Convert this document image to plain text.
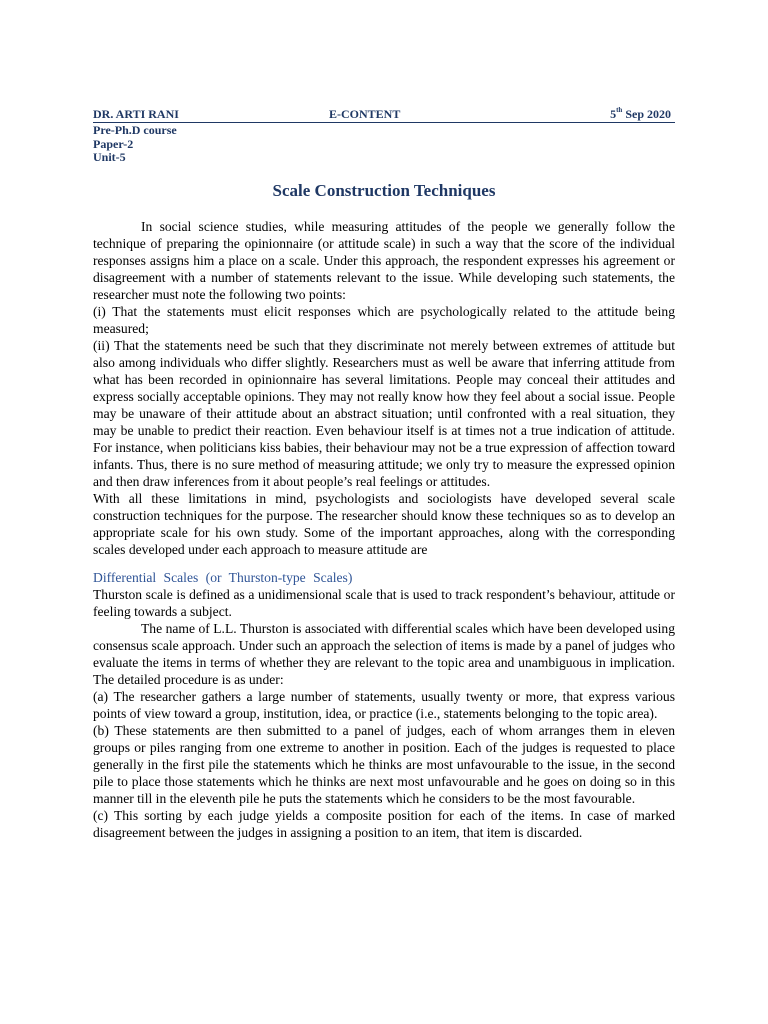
DR. ARTI RANI	E-CONTENT	5th Sep 2020
Pre-Ph.D course
Paper-2
Unit-5
Scale Construction Techniques

In social science studies, while measuring attitudes of the people we generally follow the technique of preparing the opinionnaire (or attitude scale) in such a way that the score of the individual responses assigns him a place on a scale. Under this approach, the respondent expresses his agreement or disagreement with a number of statements relevant to the issue. While developing such statements, the researcher must note the following two points:

(i) That the statements must elicit responses which are psychologically related to the attitude being measured;

(ii) That the statements need be such that they discriminate not merely between extremes of attitude but also among individuals who differ slightly. Researchers must as well be aware that inferring attitude from what has been recorded in opinionnaire has several limitations. People may conceal their attitudes and express socially acceptable opinions. They may not really know how they feel about a social issue. People may be unaware of their attitude about an abstract situation; until confronted with a real situation, they may be unable to predict their reaction. Even behaviour itself is at times not a true indication of attitude. For instance, when politicians kiss babies, their behaviour may not be a true expression of affection toward infants. Thus, there is no sure method of measuring attitude; we only try to measure the expressed opinion and then draw inferences from it about people’s real feelings or attitudes.

With all these limitations in mind, psychologists and sociologists have developed several scale construction techniques for the purpose. The researcher should know these techniques so as to develop an appropriate scale for his own study. Some of the important approaches, along with the corresponding scales developed under each approach to measure attitude are

Differential Scales (or Thurston-type Scales)

Thurston scale is defined as a unidimensional scale that is used to track respondent’s behaviour, attitude or feeling towards a subject.

The name of L.L. Thurston is associated with differential scales which have been developed using consensus scale approach. Under such an approach the selection of items is made by a panel of judges who evaluate the items in terms of whether they are relevant to the topic area and unambiguous in implication. The detailed procedure is as under:

(a) The researcher gathers a large number of statements, usually twenty or more, that express various points of view toward a group, institution, idea, or practice (i.e., statements belonging to the topic area).

(b) These statements are then submitted to a panel of judges, each of whom arranges them in eleven groups or piles ranging from one extreme to another in position. Each of the judges is requested to place generally in the first pile the statements which he thinks are most unfavourable to the issue, in the second pile to place those statements which he thinks are next most unfavourable and he goes on doing so in this manner till in the eleventh pile he puts the statements which he considers to be the most favourable.

(c) This sorting by each judge yields a composite position for each of the items. In case of marked disagreement between the judges in assigning a position to an item, that item is discarded.
